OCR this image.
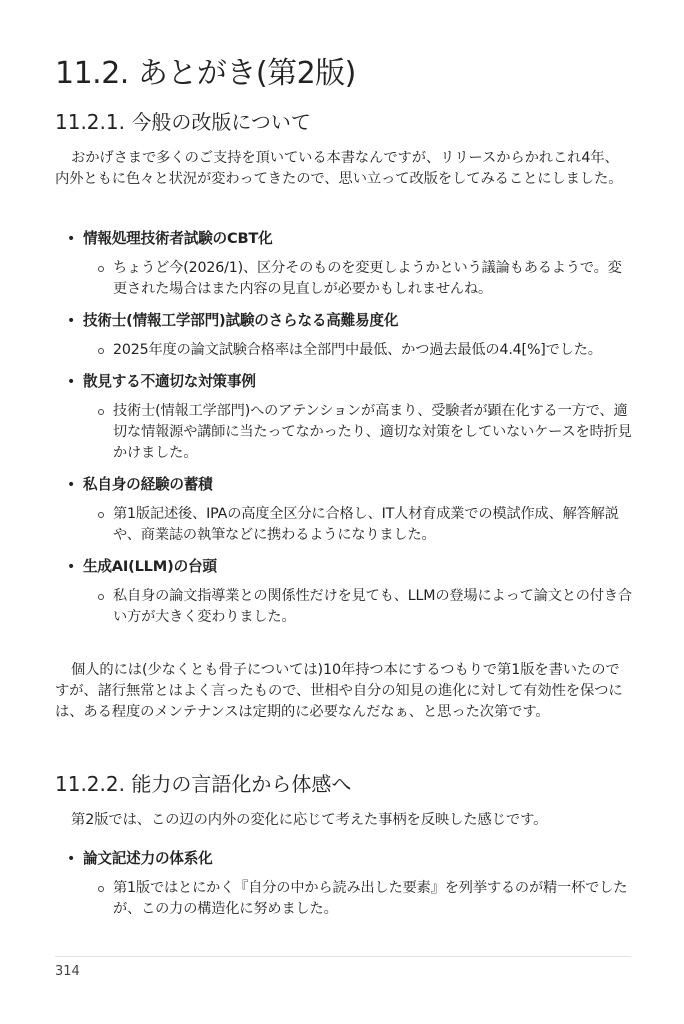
11.2. あとがき(第2版)
11.2.1. 今般の改版について

おかげさまで多くのご支持を頂いている本書なんですが、リリースからかれこれ4年、内外ともに色々と状況が変わってきたので、思い立って改版をしてみることにしました。

• 情報処理技術者試験のCBT化

ちょうど今(2026/1)、区分そのものを変更しようかという議論もあるようで。変更された場合はまた内容の見直しが必要かもしれませんね。

• 技術士(情報工学部門)試験のさらなる高難易度化

2025年度の論文試験合格率は全部門中最低、かつ過去最低の4.4[%]でした。

• 散見する不適切な対策事例

技術士(情報工学部門)へのアテンションが高まり、受験者が顕在化する一方で、適切な情報源や講師に当たってなかったり、適切な対策をしていないケースを時折見かけました。

• 私自身の経験の蓄積

第1版記述後、IPAの高度全区分に合格し、IT人材育成業での模試作成、解答解説や、商業誌の執筆などに携わるようになりました。

• 生成AI(LLM)の台頭

私自身の論文指導業との関係性だけを見ても、LLMの登場によって論文との付き合い方が大きく変わりました。

個人的には(少なくとも骨子については)10年持つ本にするつもりで第1版を書いたのですが、諸行無常とはよく言ったもので、世相や自分の知見の進化に対して有効性を保つには、ある程度のメンテナンスは定期的に必要なんだなぁ、と思った次第です。

11.2.2. 能力の言語化から体感へ

第2版では、この辺の内外の変化に応じて考えた事柄を反映した感じです。

• 論文記述力の体系化

第1版ではとにかく『自分の中から読み出した要素』を列挙するのが精一杯でしたが、この力の構造化に努めました。
314
